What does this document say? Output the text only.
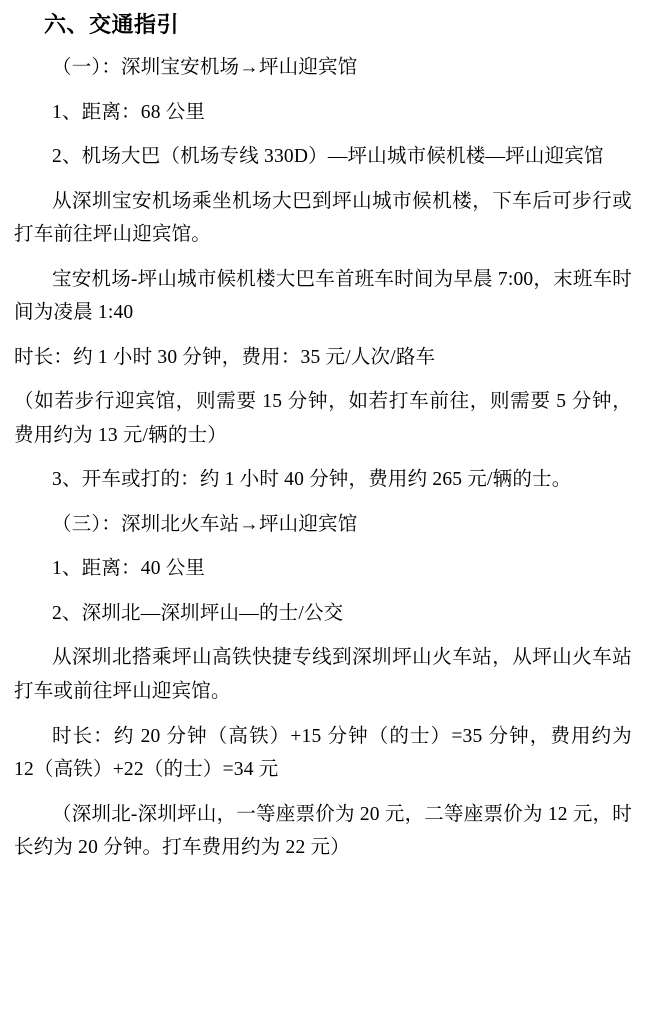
六、交通指引

（一）：深圳宝安机场→坪山迎宾馆

1、距离：68 公里

2、机场大巴（机场专线 330D）—坪山城市候机楼—坪山迎宾馆

从深圳宝安机场乘坐机场大巴到坪山城市候机楼，下车后可步行或打车前往坪山迎宾馆。

宝安机场-坪山城市候机楼大巴车首班车时间为早晨 7:00，末班车时间为凌晨 1:40

时长：约 1 小时 30 分钟，费用：35 元/人次/路车

（如若步行迎宾馆，则需要 15 分钟，如若打车前往，则需要 5 分钟，费用约为 13 元/辆的士）

3、开车或打的：约 1 小时 40 分钟，费用约 265 元/辆的士。

（三）：深圳北火车站→坪山迎宾馆

1、距离：40 公里

2、深圳北—深圳坪山—的士/公交

从深圳北搭乘坪山高铁快捷专线到深圳坪山火车站，从坪山火车站打车或前往坪山迎宾馆。

时长：约 20 分钟（高铁）+15 分钟（的士）=35 分钟，费用约为 12（高铁）+22（的士）=34 元

（深圳北-深圳坪山，一等座票价为 20 元，二等座票价为 12 元，时长约为 20 分钟。打车费用约为 22 元）
